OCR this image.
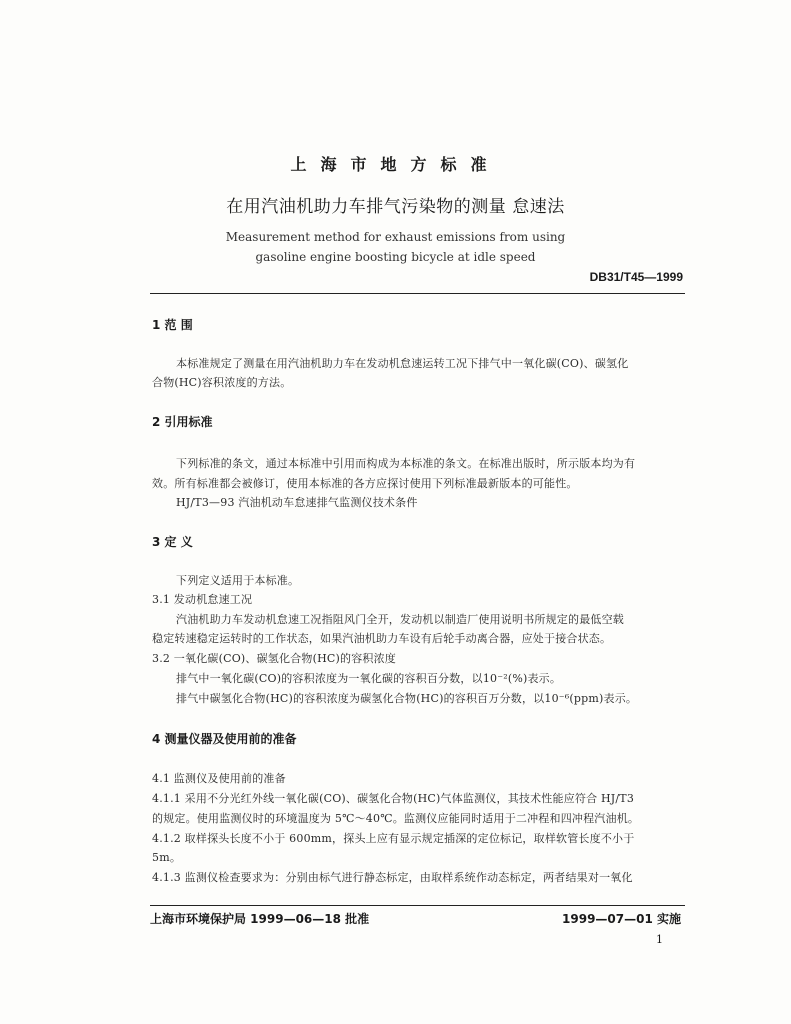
上海市地方标准
在用汽油机助力车排气污染物的测量 怠速法
Measurement method for exhaust emissions from using
gasoline engine boosting bicycle at idle speed
DB31/T45—1999
1 范 围
本标准规定了测量在用汽油机助力车在发动机怠速运转工况下排气中一氧化碳(CO)、碳氢化
合物(HC)容积浓度的方法。
2 引用标准
下列标准的条文，通过本标准中引用而构成为本标准的条文。在标准出版时，所示版本均为有
效。所有标准都会被修订，使用本标准的各方应探讨使用下列标准最新版本的可能性。
HJ/T3—93 汽油机动车怠速排气监测仪技术条件
3 定 义
下列定义适用于本标准。
3.1 发动机怠速工况
汽油机助力车发动机怠速工况指阻风门全开，发动机以制造厂使用说明书所规定的最低空载
稳定转速稳定运转时的工作状态，如果汽油机助力车设有后轮手动离合器，应处于接合状态。
3.2 一氧化碳(CO)、碳氢化合物(HC)的容积浓度
排气中一氧化碳(CO)的容积浓度为一氧化碳的容积百分数，以10⁻²(%)表示。
排气中碳氢化合物(HC)的容积浓度为碳氢化合物(HC)的容积百万分数，以10⁻⁶(ppm)表示。
4 测量仪器及使用前的准备
4.1 监测仪及使用前的准备
4.1.1 采用不分光红外线一氧化碳(CO)、碳氢化合物(HC)气体监测仪，其技术性能应符合 HJ/T3
的规定。使用监测仪时的环境温度为 5℃～40℃。监测仪应能同时适用于二冲程和四冲程汽油机。
4.1.2 取样探头长度不小于 600mm，探头上应有显示规定插深的定位标记，取样软管长度不小于
5m。
4.1.3 监测仪检查要求为：分别由标气进行静态标定，由取样系统作动态标定，两者结果对一氧化
上海市环境保护局 1999—06—18 批准	1999—07—01 实施
1
